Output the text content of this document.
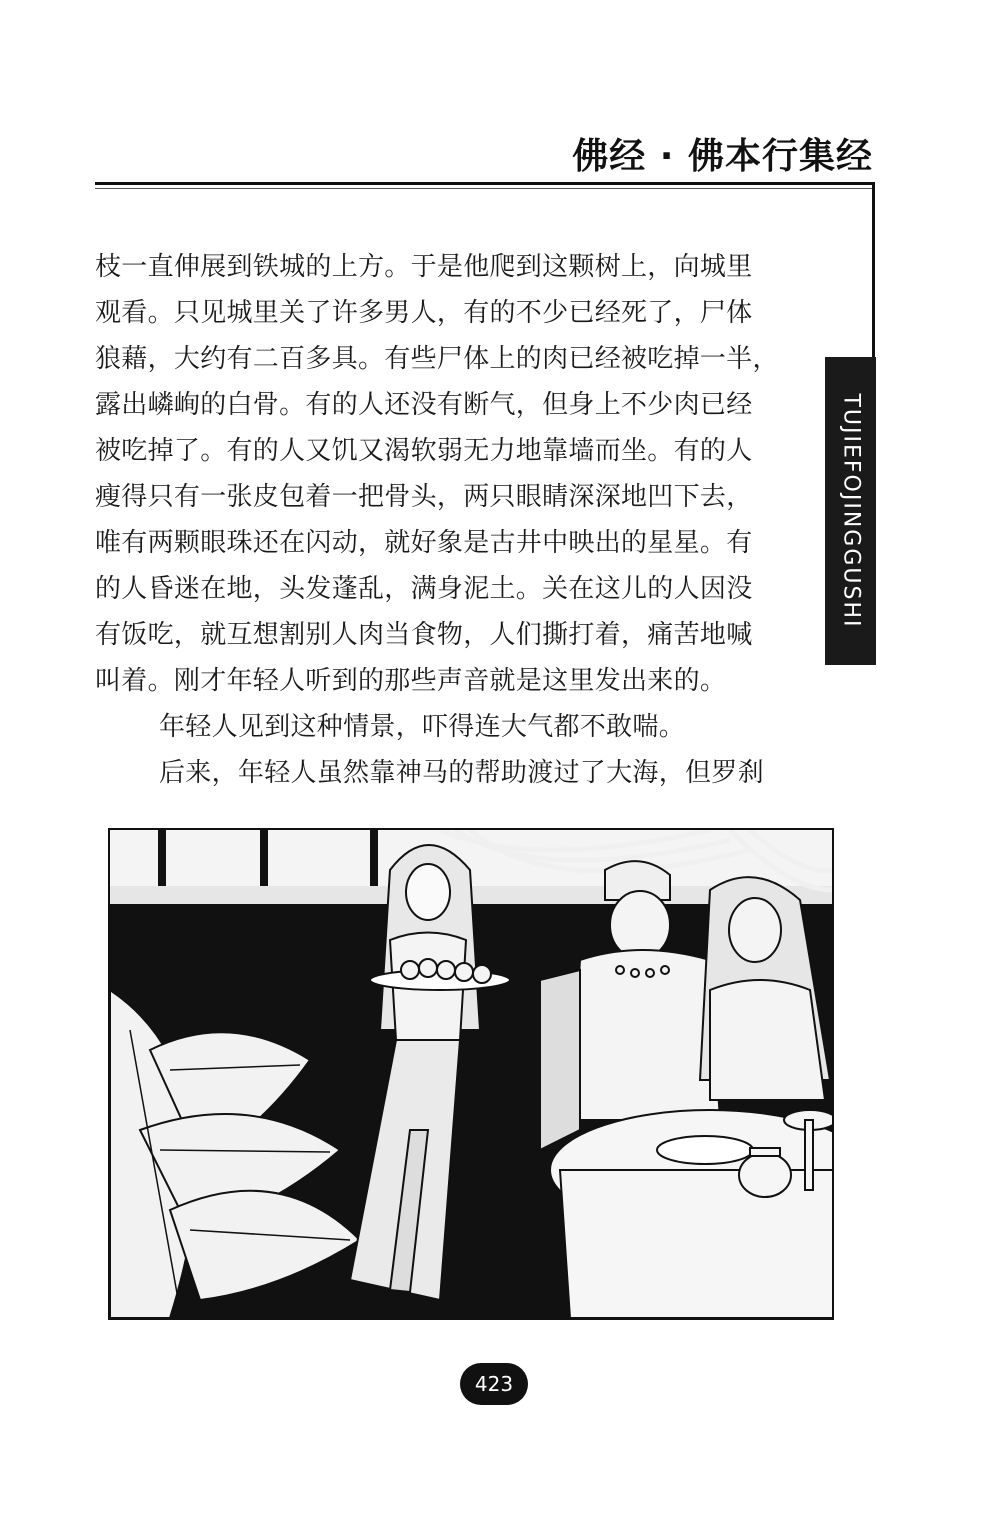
佛经 · 佛本行集经
TUJIEFOJINGGUSHI
枝一直伸展到铁城的上方。于是他爬到这颗树上，向城里
观看。只见城里关了许多男人，有的不少已经死了，尸体
狼藉，大约有二百多具。有些尸体上的肉已经被吃掉一半，
露出嶙峋的白骨。有的人还没有断气，但身上不少肉已经
被吃掉了。有的人又饥又渴软弱无力地靠墙而坐。有的人
瘦得只有一张皮包着一把骨头，两只眼睛深深地凹下去，
唯有两颗眼珠还在闪动，就好象是古井中映出的星星。有
的人昏迷在地，头发蓬乱，满身泥土。关在这儿的人因没
有饭吃，就互想割别人肉当食物，人们撕打着，痛苦地喊
叫着。刚才年轻人听到的那些声音就是这里发出来的。
年轻人见到这种情景，吓得连大气都不敢喘。
后来，年轻人虽然靠神马的帮助渡过了大海，但罗刹
423
